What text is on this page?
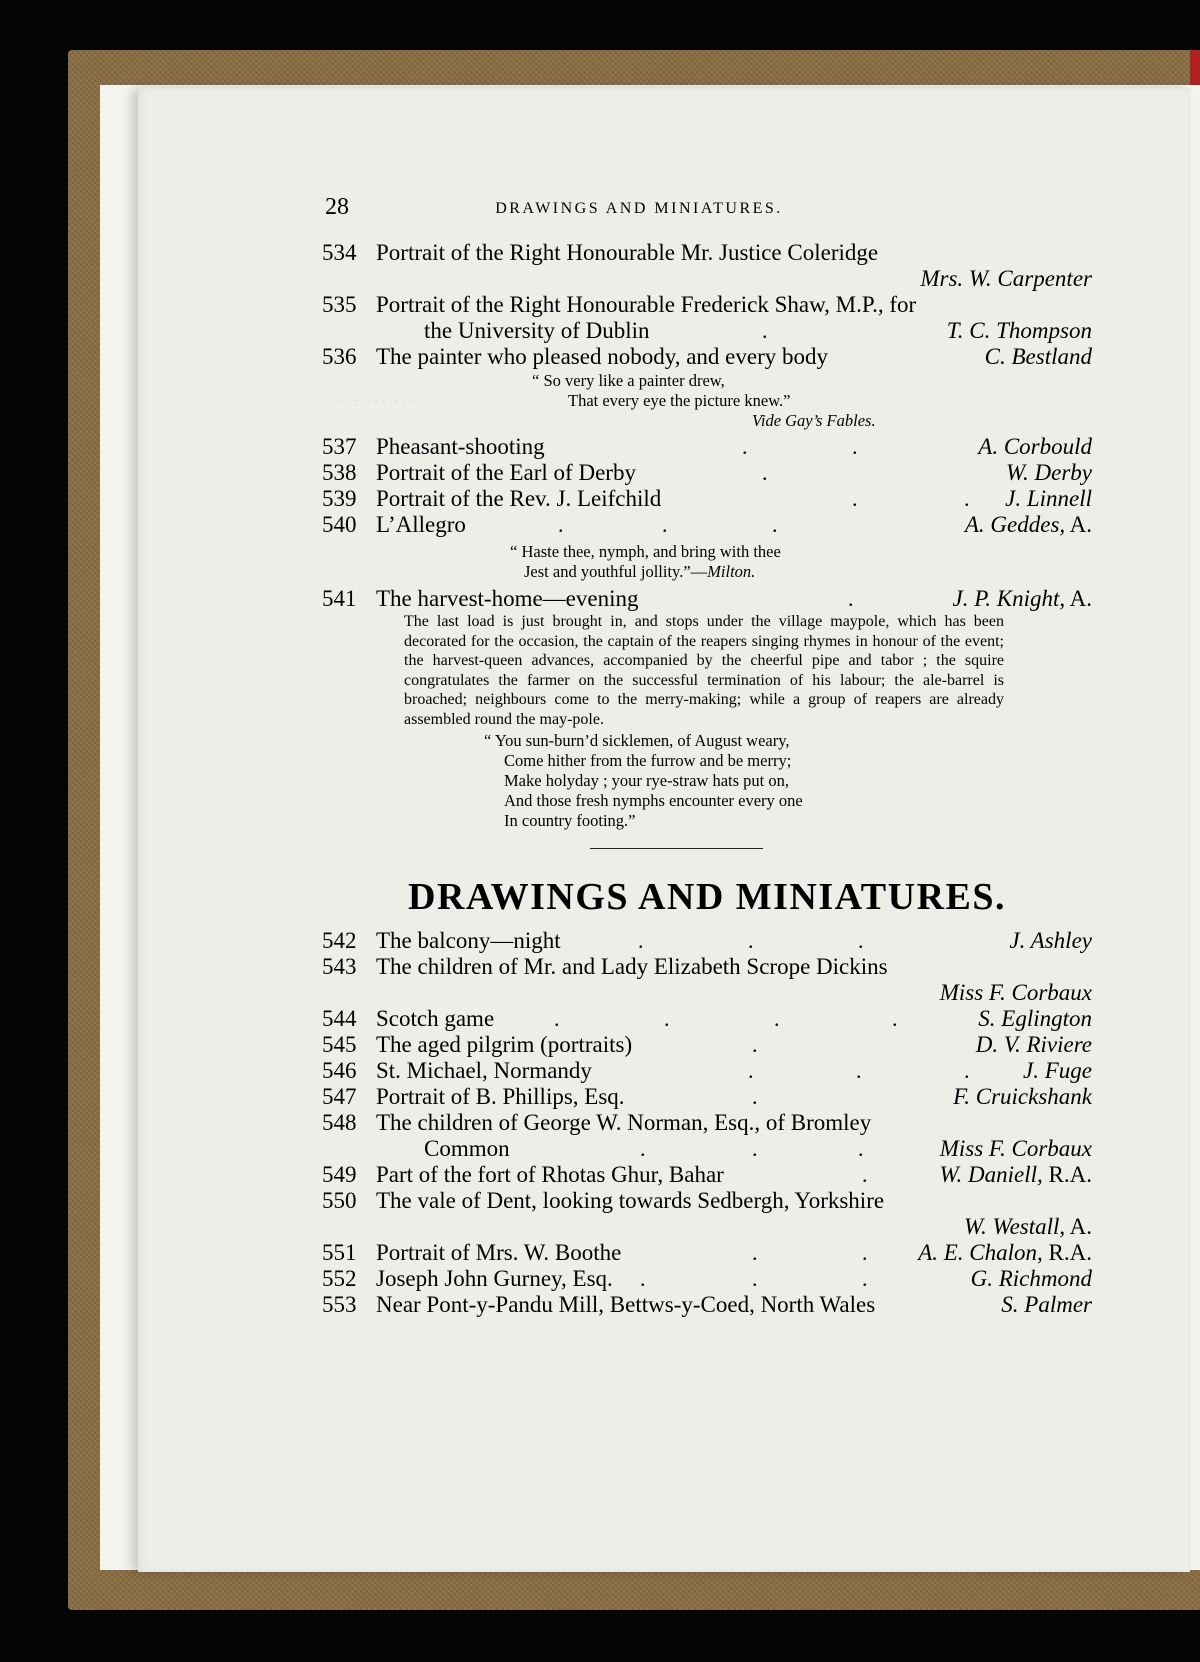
··· ··· ···
28	DRAWINGS AND MINIATURES.
534 Portrait of the Right Honourable Mr. Justice Coleridge
Mrs. W. Carpenter
535 Portrait of the Right Honourable Frederick Shaw, M.P., for
the University of Dublin	.	T. C. Thompson
536 The painter who pleased nobody, and every body	C. Bestland
“ So very like a painter drew,
That every eye the picture knew.”
Vide Gay’s Fables.
537 Pheasant-shooting	.	.	A. Corbould
538 Portrait of the Earl of Derby	.	W. Derby
539 Portrait of the Rev. J. Leifchild	.	. J. Linnell
540 L’Allegro	.	.	.	A. Geddes, A.
“ Haste thee, nymph, and bring with thee
Jest and youthful jollity.”—Milton.
541 The harvest-home—evening	.	J. P. Knight, A.
The last load is just brought in, and stops under the village maypole, which has been decorated for the occasion, the captain of the reapers singing rhymes in honour of the event; the harvest-queen advances, accompanied by the cheerful pipe and tabor ; the squire congratulates the farmer on the successful termination of his labour; the ale-barrel is broached; neighbours come to the merry-making; while a group of reapers are already assembled round the may-pole.
“ You sun-burn’d sicklemen, of August weary,
Come hither from the furrow and be merry;
Make holyday ; your rye-straw hats put on,
And those fresh nymphs encounter every one
In country footing.”
DRAWINGS AND MINIATURES.
542 The balcony—night	.	.	.	J. Ashley
543 The children of Mr. and Lady Elizabeth Scrope Dickins
Miss F. Corbaux
544 Scotch game	.	.	.	.	S. Eglington
545 The aged pilgrim (portraits)	.	D. V. Riviere
546 St. Michael, Normandy	.	.	. J. Fuge
547 Portrait of B. Phillips, Esq.	.	F. Cruickshank
548 The children of George W. Norman, Esq., of Bromley
Common	.	.	.	Miss F. Corbaux
549 Part of the fort of Rhotas Ghur, Bahar	.	W. Daniell, R.A.
550 The vale of Dent, looking towards Sedbergh, Yorkshire
W. Westall, A.
551 Portrait of Mrs. W. Boothe	.	. A. E. Chalon, R.A.
552 Joseph John Gurney, Esq. .	.	.	G. Richmond
553 Near Pont-y-Pandu Mill, Bettws-y-Coed, North Wales	S. Palmer
